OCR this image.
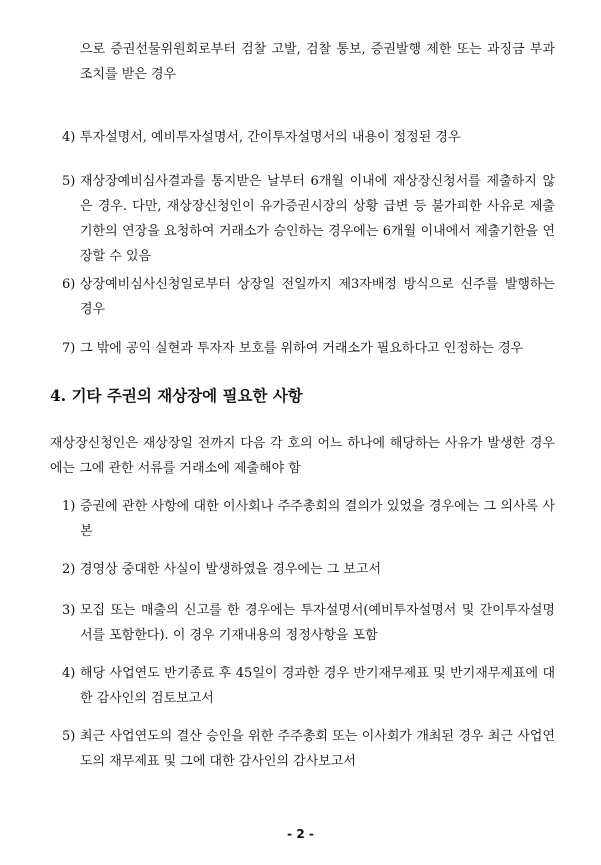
으로 증권선물위원회로부터 검찰 고발, 검찰 통보, 증권발행 제한 또는 과징금 부과 조치를 받은 경우
4) 투자설명서, 예비투자설명서, 간이투자설명서의 내용이 정정된 경우
5) 재상장예비심사결과를 통지받은 날부터 6개월 이내에 재상장신청서를 제출하지 않은 경우. 다만, 재상장신청인이 유가증권시장의 상황 급변 등 불가피한 사유로 제출기한의 연장을 요청하여 거래소가 승인하는 경우에는 6개월 이내에서 제출기한을 연장할 수 있음
6) 상장예비심사신청일로부터 상장일 전일까지 제3자배정 방식으로 신주를 발행하는 경우
7) 그 밖에 공익 실현과 투자자 보호를 위하여 거래소가 필요하다고 인정하는 경우
4. 기타 주권의 재상장에 필요한 사항
재상장신청인은 재상장일 전까지 다음 각 호의 어느 하나에 해당하는 사유가 발생한 경우에는 그에 관한 서류를 거래소에 제출해야 함
1) 증권에 관한 사항에 대한 이사회나 주주총회의 결의가 있었을 경우에는 그 의사록 사본
2) 경영상 중대한 사실이 발생하였을 경우에는 그 보고서
3) 모집 또는 매출의 신고를 한 경우에는 투자설명서(예비투자설명서 및 간이투자설명서를 포함한다). 이 경우 기재내용의 정정사항을 포함
4) 해당 사업연도 반기종료 후 45일이 경과한 경우 반기재무제표 및 반기재무제표에 대한 감사인의 검토보고서
5) 최근 사업연도의 결산 승인을 위한 주주총회 또는 이사회가 개최된 경우 최근 사업연도의 재무제표 및 그에 대한 감사인의 감사보고서
- 2 -
